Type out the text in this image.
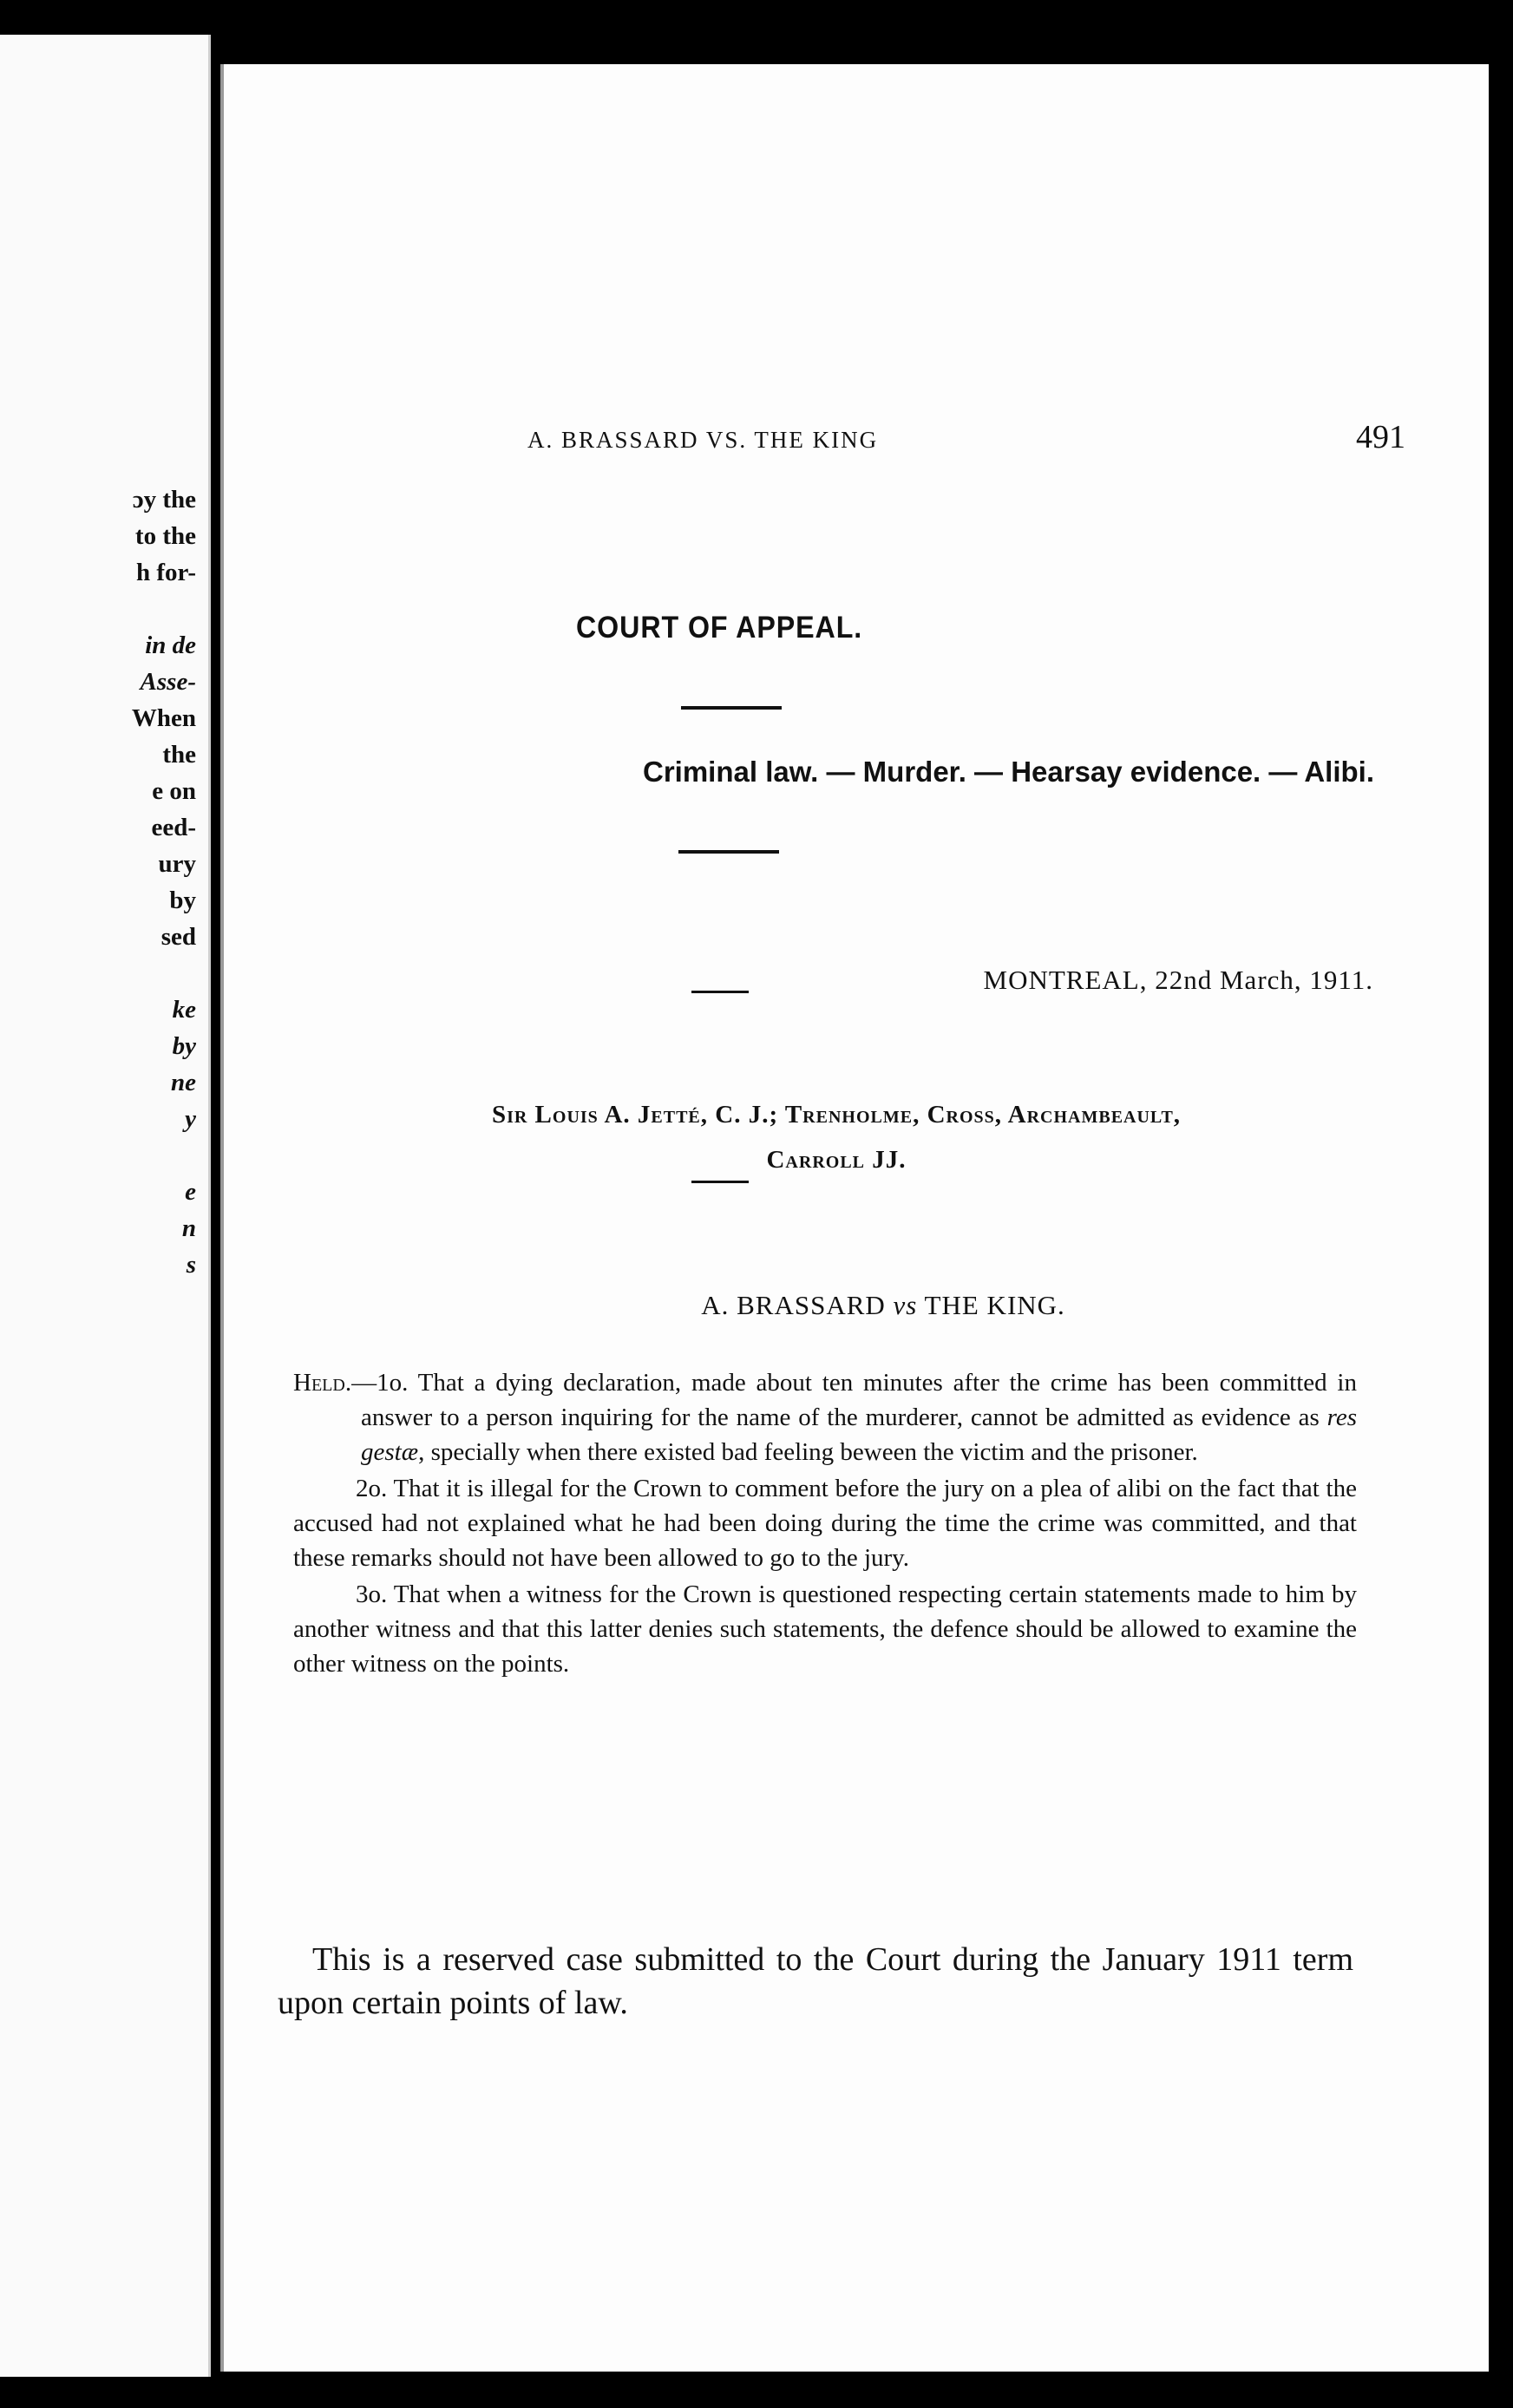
ɔy the
to the
h for-
in de
Asse-
When
the
e on
eed-
ury
by
sed
ke
by
ne
y
e
n
s
A. BRASSARD VS. THE KING	491
COURT OF APPEAL.
Criminal law. — Murder. — Hearsay evidence. — Alibi.
MONTREAL, 22nd March, 1911.
Sir Louis A. Jetté, C. J.; Trenholme, Cross, Archambeault,
Carroll JJ.
A. BRASSARD vs THE KING.

Held.—1o. That a dying declaration, made about ten minutes after the crime has been committed in answer to a person inquiring for the name of the murderer, cannot be admitted as evidence as res gestæ, specially when there existed bad feeling beween the victim and the prisoner.

2o. That it is illegal for the Crown to comment before the jury on a plea of alibi on the fact that the accused had not explained what he had been doing during the time the crime was committed, and that these remarks should not have been allowed to go to the jury.

3o. That when a witness for the Crown is questioned respecting certain statements made to him by another witness and that this latter denies such statements, the defence should be allowed to examine the other witness on the points.

This is a reserved case submitted to the Court during the January 1911 term upon certain points of law.
